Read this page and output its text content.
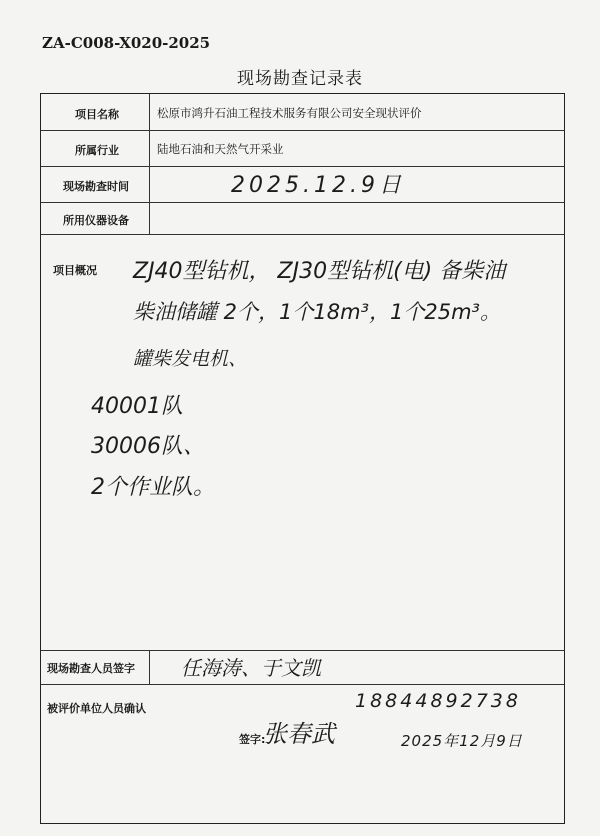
ZA-C008-X020-2025
现场勘查记录表
项目名称	松原市鸿升石油工程技术服务有限公司安全现状评价
所属行业	陆地石油和天然气开采业
现场勘查时间	2025.12.9日
所用仪器设备
项目概况 ZJ40型钻机， ZJ30型钻机(电) 备柴油
柴油储罐 2个，1个18m³，1个25m³。
罐柴发电机、
40001队
30006队、
2个作业队。
现场勘查人员签字 任海涛、于文凯
被评价单位人员确认	18844892738
签字:
张春武	2025年12月9日
